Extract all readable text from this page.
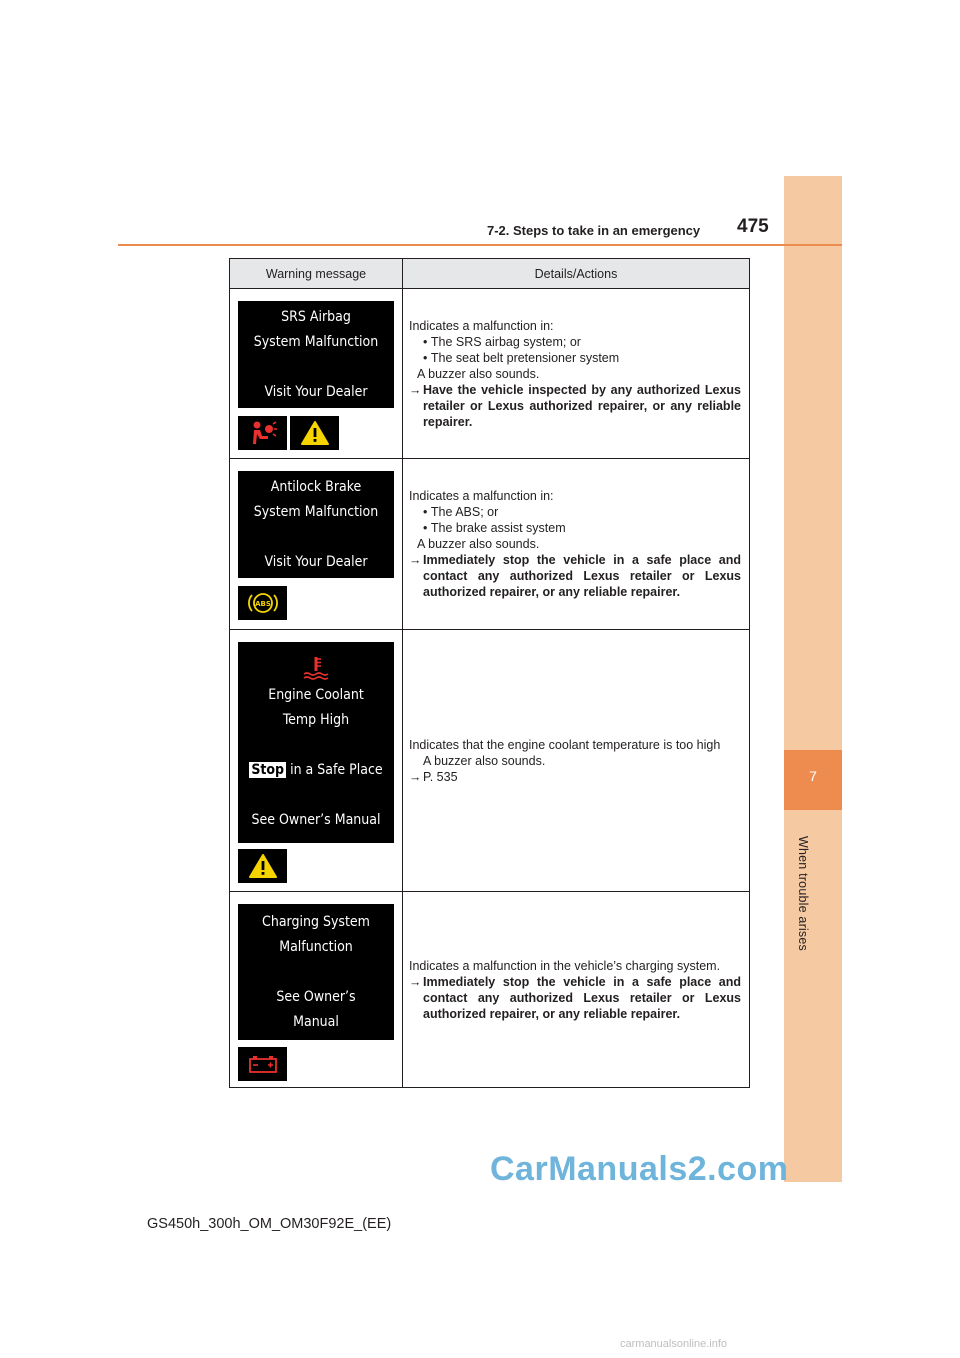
7
When trouble arises
7-2. Steps to take in an emergency 475
Warning message	Details/Actions
SRS Airbag
System Malfunction
Visit Your Dealer
Indicates a malfunction in:
• The SRS airbag system; or
• The seat belt pretensioner system
A buzzer also sounds.
→ Have the vehicle inspected by any authorized Lexus retailer or Lexus authorized repairer, or any reliable repairer.
Antilock Brake
System Malfunction
Visit Your Dealer
ABS
Indicates a malfunction in:
• The ABS; or
• The brake assist system
A buzzer also sounds.
→ Immediately stop the vehicle in a safe place and contact any authorized Lexus retailer or Lexus authorized repairer, or any reliable repairer.
Engine Coolant
Temp High
Stop in a Safe Place
See Owner’s Manual
Indicates that the engine coolant temperature is too high
A buzzer also sounds.
→ P. 535
Charging System
Malfunction
See Owner’s
Manual
Indicates a malfunction in the vehicle’s charging system.
→ Immediately stop the vehicle in a safe place and contact any authorized Lexus retailer or Lexus authorized repairer, or any reliable repairer.
CarManuals2.com
GS450h_300h_OM_OM30F92E_(EE)
carmanualsonline.info
